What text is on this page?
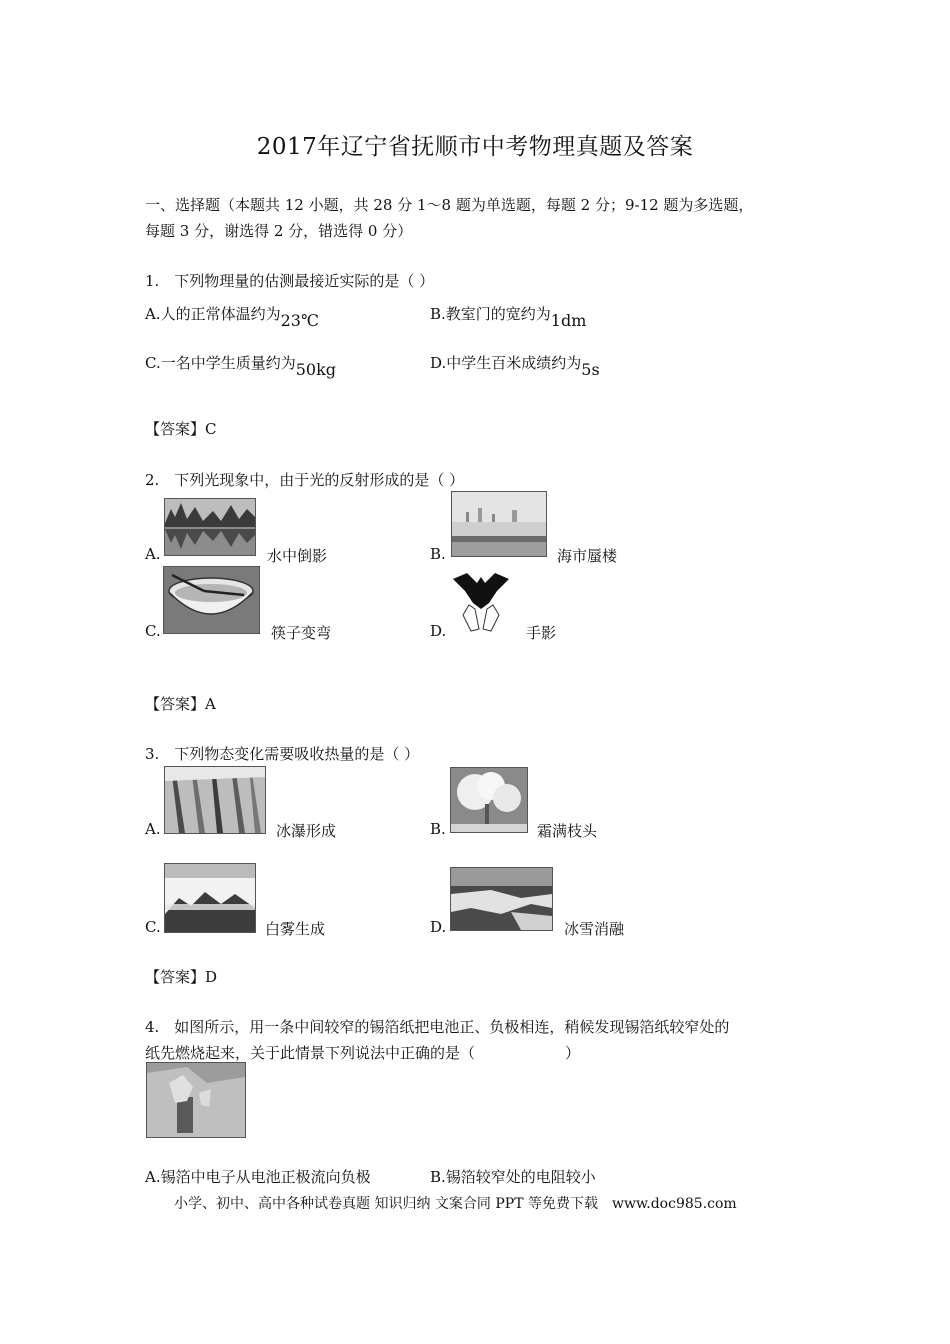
2017年辽宁省抚顺市中考物理真题及答案
一、选择题（本题共 12 小题，共 28 分 1～8 题为单选题，每题 2 分；9-12 题为多选题，
每题 3 分，谢选得 2 分，错选得 0 分）
1.　下列物理量的估测最接近实际的是（ ）
A.人的正常体温约为23℃	B.教室门的宽约为1dm
C.一名中学生质量约为50kg	D.中学生百米成绩约为5s
【答案】C
2.　下列光现象中，由于光的反射形成的是（ ）
A.	水中倒影	B.	海市蜃楼
C.	筷子变弯	D.	手影
【答案】A
3.　下列物态变化需要吸收热量的是（ ）
A.	冰瀑形成	B.	霜满枝头
C.	白雾生成	D.	冰雪消融
【答案】D
4.　如图所示，用一条中间较窄的锡箔纸把电池正、负极相连，稍候发现锡箔纸较窄处的
纸先燃烧起来，关于此情景下列说法中正确的是（　　　　　　）
A.锡箔中电子从电池正极流向负极	B.锡箔较窄处的电阻较小
小学、初中、高中各种试卷真题 知识归纳 文案合同 PPT 等免费下载　www.doc985.com
